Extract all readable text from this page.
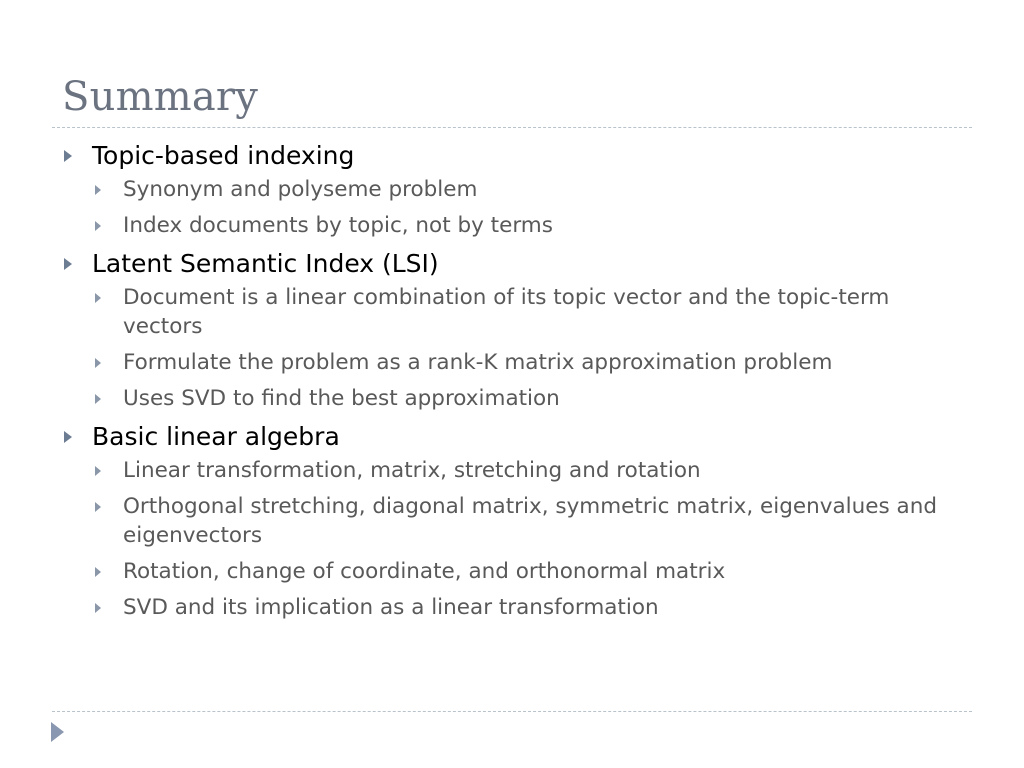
Summary
Topic-based indexing
Synonym and polyseme problem
Index documents by topic, not by terms
Latent Semantic Index (LSI)
Document is a linear combination of its topic vector and the topic-term vectors
Formulate the problem as a rank-K matrix approximation problem
Uses SVD to find the best approximation
Basic linear algebra
Linear transformation, matrix, stretching and rotation
Orthogonal stretching, diagonal matrix, symmetric matrix, eigenvalues and eigenvectors
Rotation, change of coordinate, and orthonormal matrix
SVD and its implication as a linear transformation
